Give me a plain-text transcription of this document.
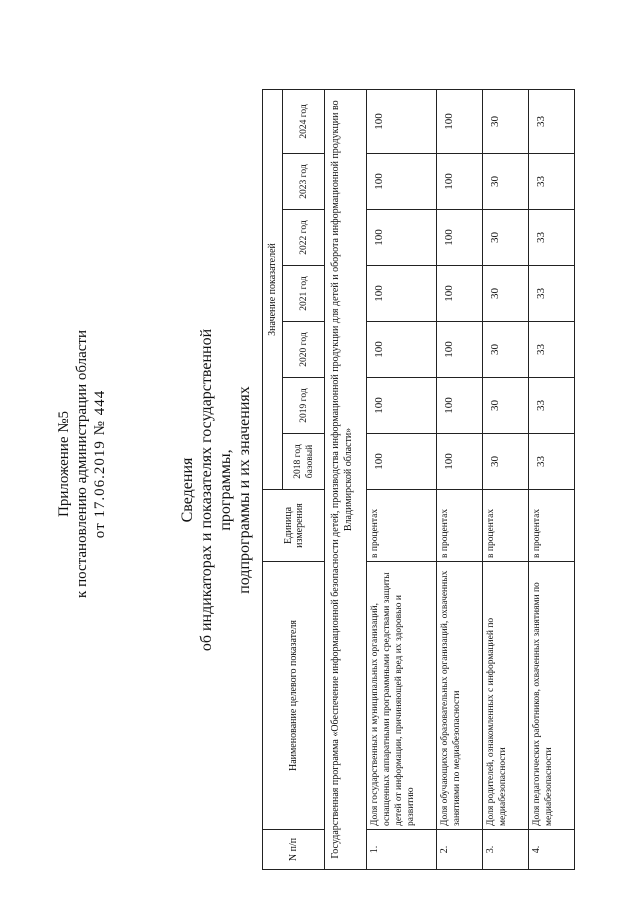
Приложение №5 к постановлению администрации области от 17.06.2019 № 444	Сведения об индикаторах и показателях государственной программы, подпрограммы и их значениях
N п/п	Наименование целевого показателя	Единица измерения	Значение показателей						
			2018 год базовый	2019 год	2020 год	2021 год	2022 год	2023 год	2024 год
Государственная программа «Обеспечение информационной безопасности детей, производства информационной продукции для детей и оборота информационной продукции во Владимирской области»									
1.	Доля государственных и муниципальных организаций, оснащенных аппаратными программными средствами защиты детей от информации, причиняющей вред их здоровью и развитию	в процентах	100	100	100	100	100	100	100
2.	Доля обучающихся образовательных организаций, охваченных занятиями по медиабезопасности	в процентах	100	100	100	100	100	100	100
3.	Доля родителей, ознакомленных с информацией по медиабезопасности	в процентах	30	30	30	30	30	30	30
4.	Доля педагогических работников, охваченных занятиями по медиабезопасности	в процентах	33	33	33	33	33	33	33
